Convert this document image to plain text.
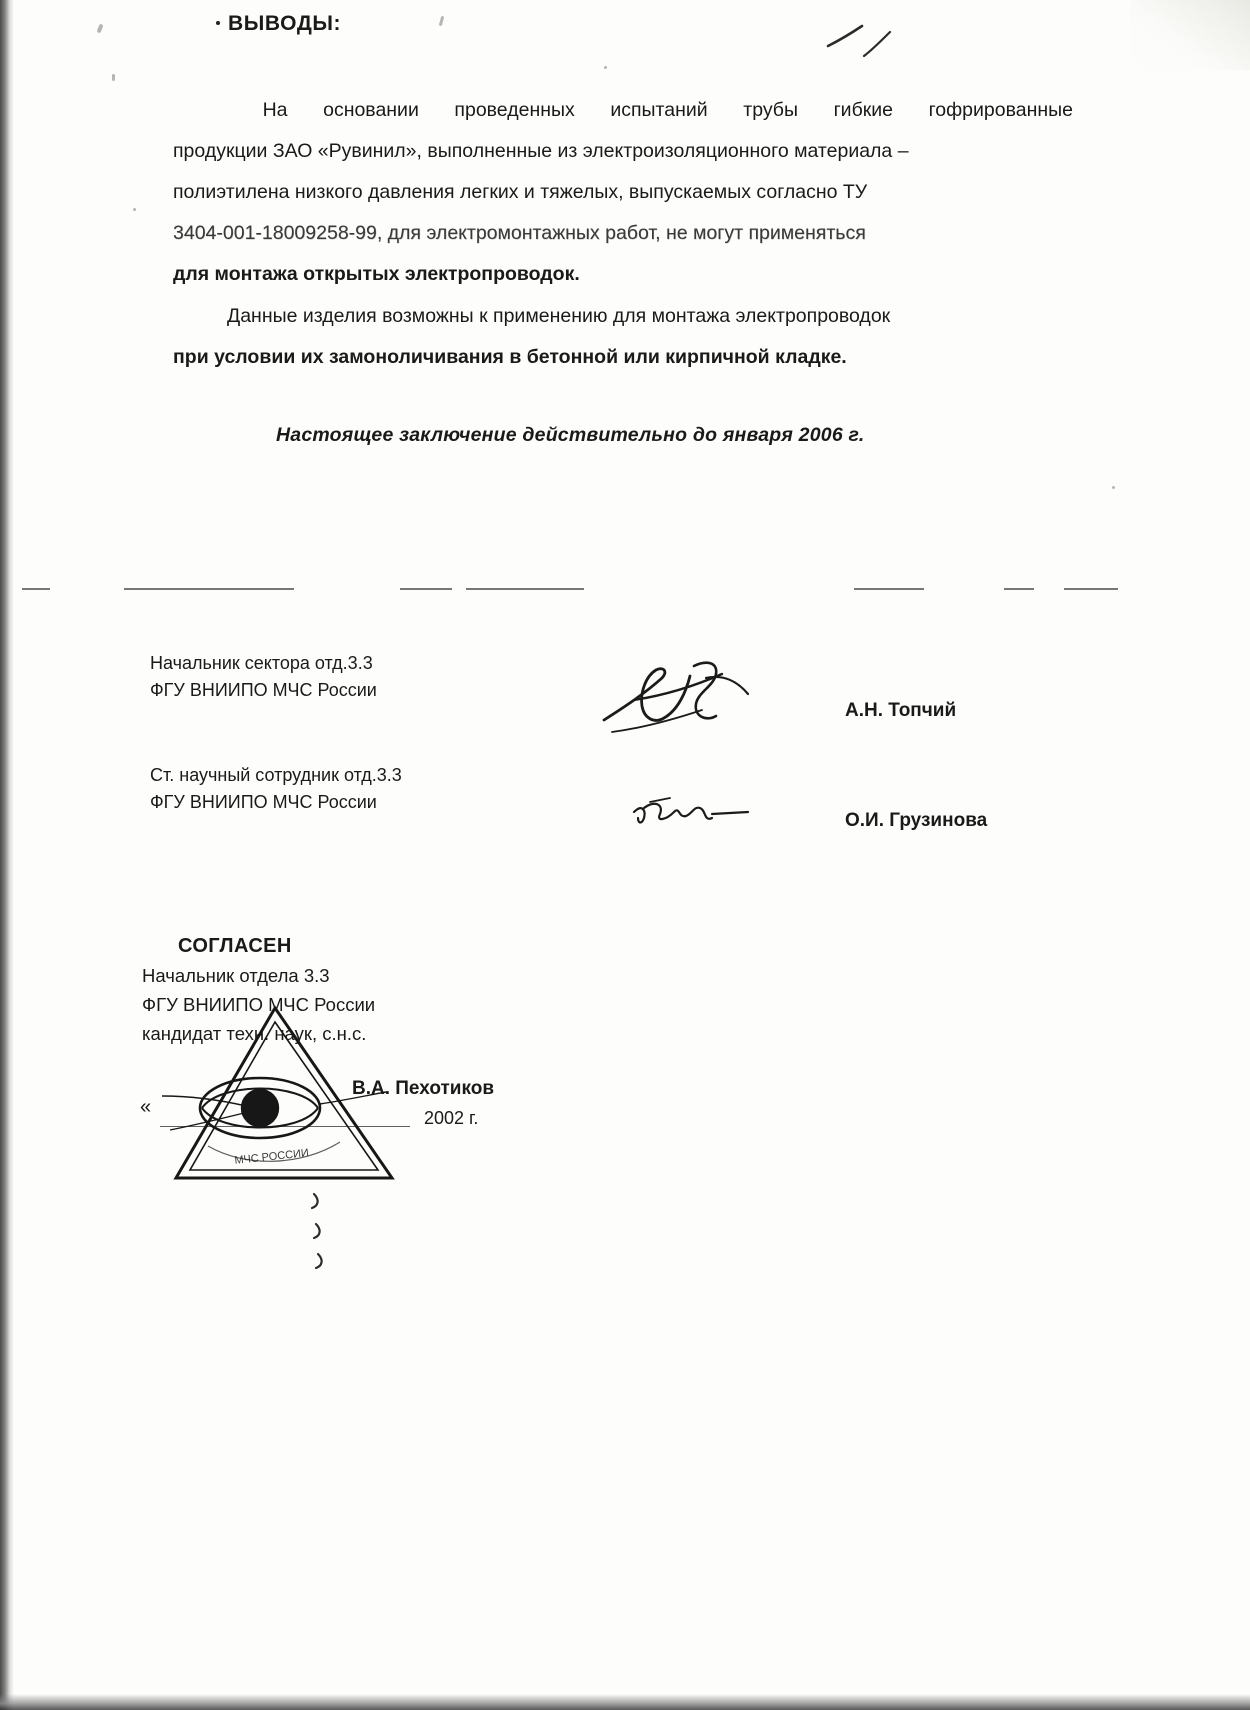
ВЫВОДЫ:
На основании проведенных испытаний трубы гибкие гофрированные
продукции ЗАО «Рувинил», выполненные из электроизоляционного материала –
полиэтилена низкого давления легких и тяжелых, выпускаемых согласно ТУ
3404-001-18009258-99, для электромонтажных работ, не могут применяться
для монтажа открытых электропроводок.
Данные изделия возможны к применению для монтажа электропроводок
при условии их замоноличивания в бетонной или кирпичной кладке.
Настоящее заключение действительно до января 2006 г.
Начальник сектора отд.3.3
ФГУ ВНИИПО МЧС России
А.Н. Топчий
Ст. научный сотрудник отд.3.3
ФГУ ВНИИПО МЧС России
О.И. Грузинова
СОГЛАСЕН
Начальник отдела 3.3
ФГУ ВНИИПО МЧС России
кандидат техн. наук, с.н.с.
В.А. Пехотиков
«	2002 г.
МЧС РОССИИ
